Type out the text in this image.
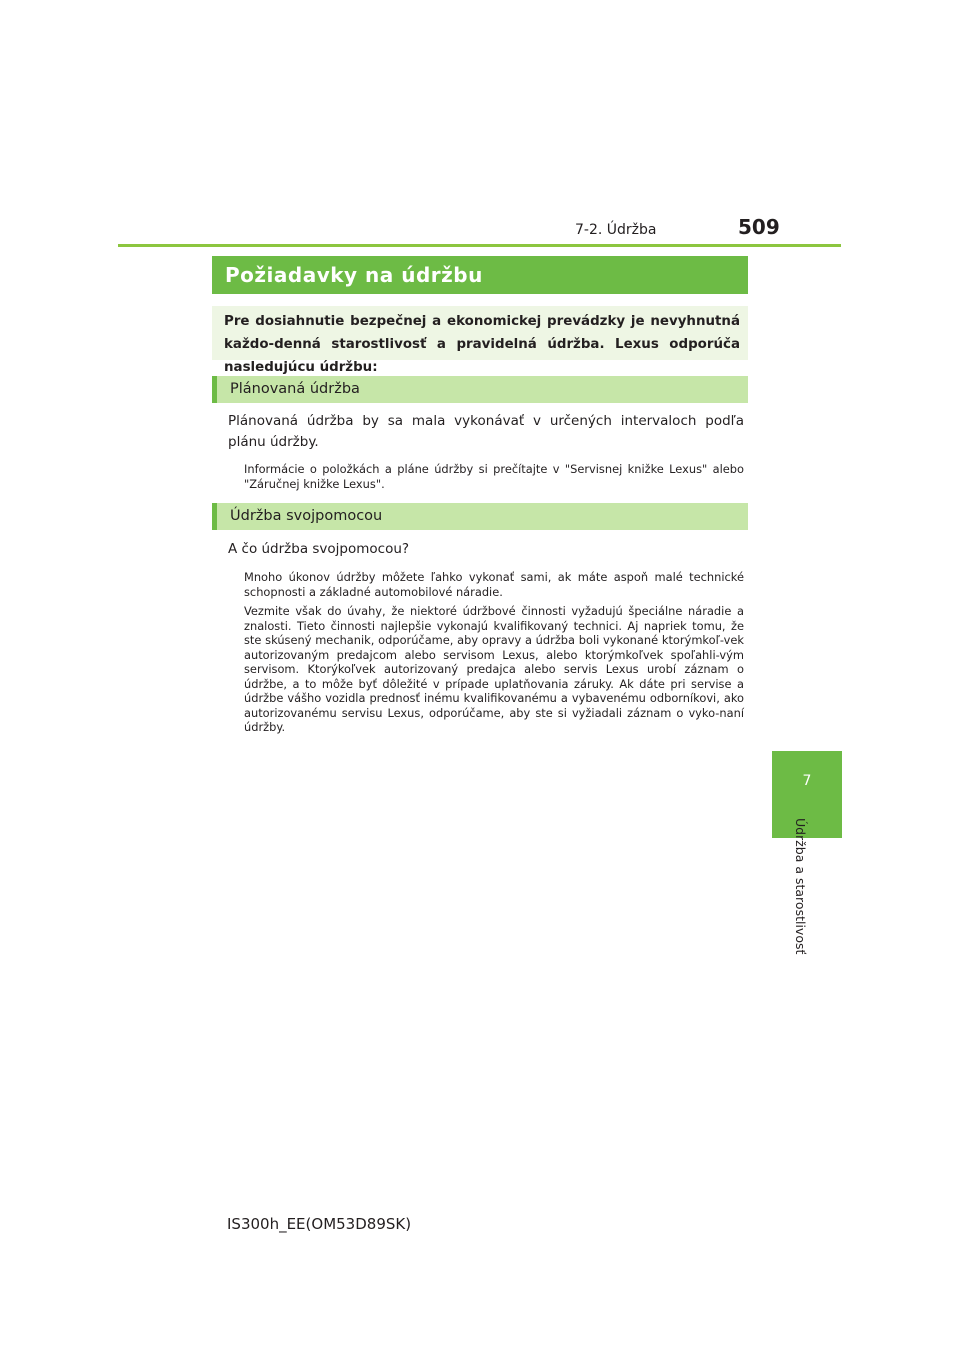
7-2. Údržba	509
7
Údržba a starostlivosť
Požiadavky na údržbu
Pre dosiahnutie bezpečnej a ekonomickej prevádzky je nevyhnutná každo-denná starostlivosť a pravidelná údržba. Lexus odporúča nasledujúcu údržbu:
Plánovaná údržba
Plánovaná údržba by sa mala vykonávať v určených intervaloch podľa plánu údržby.
Informácie o položkách a pláne údržby si prečítajte v "Servisnej knižke Lexus" alebo "Záručnej knižke Lexus".
Údržba svojpomocou
A čo údržba svojpomocou?
Mnoho úkonov údržby môžete ľahko vykonať sami, ak máte aspoň malé technické schopnosti a základné automobilové náradie.
Vezmite však do úvahy, že niektoré údržbové činnosti vyžadujú špeciálne náradie a znalosti. Tieto činnosti najlepšie vykonajú kvalifikovaný technici. Aj napriek tomu, že ste skúsený mechanik, odporúčame, aby opravy a údržba boli vykonané ktorýmkoľ-vek autorizovaným predajcom alebo servisom Lexus, alebo ktorýmkoľvek spoľahli-vým servisom. Ktorýkoľvek autorizovaný predajca alebo servis Lexus urobí záznam o údržbe, a to môže byť dôležité v prípade uplatňovania záruky. Ak dáte pri servise a údržbe vášho vozidla prednosť inému kvalifikovanému a vybavenému odborníkovi, ako autorizovanému servisu Lexus, odporúčame, aby ste si vyžiadali záznam o vyko-naní údržby.
IS300h_EE(OM53D89SK)
